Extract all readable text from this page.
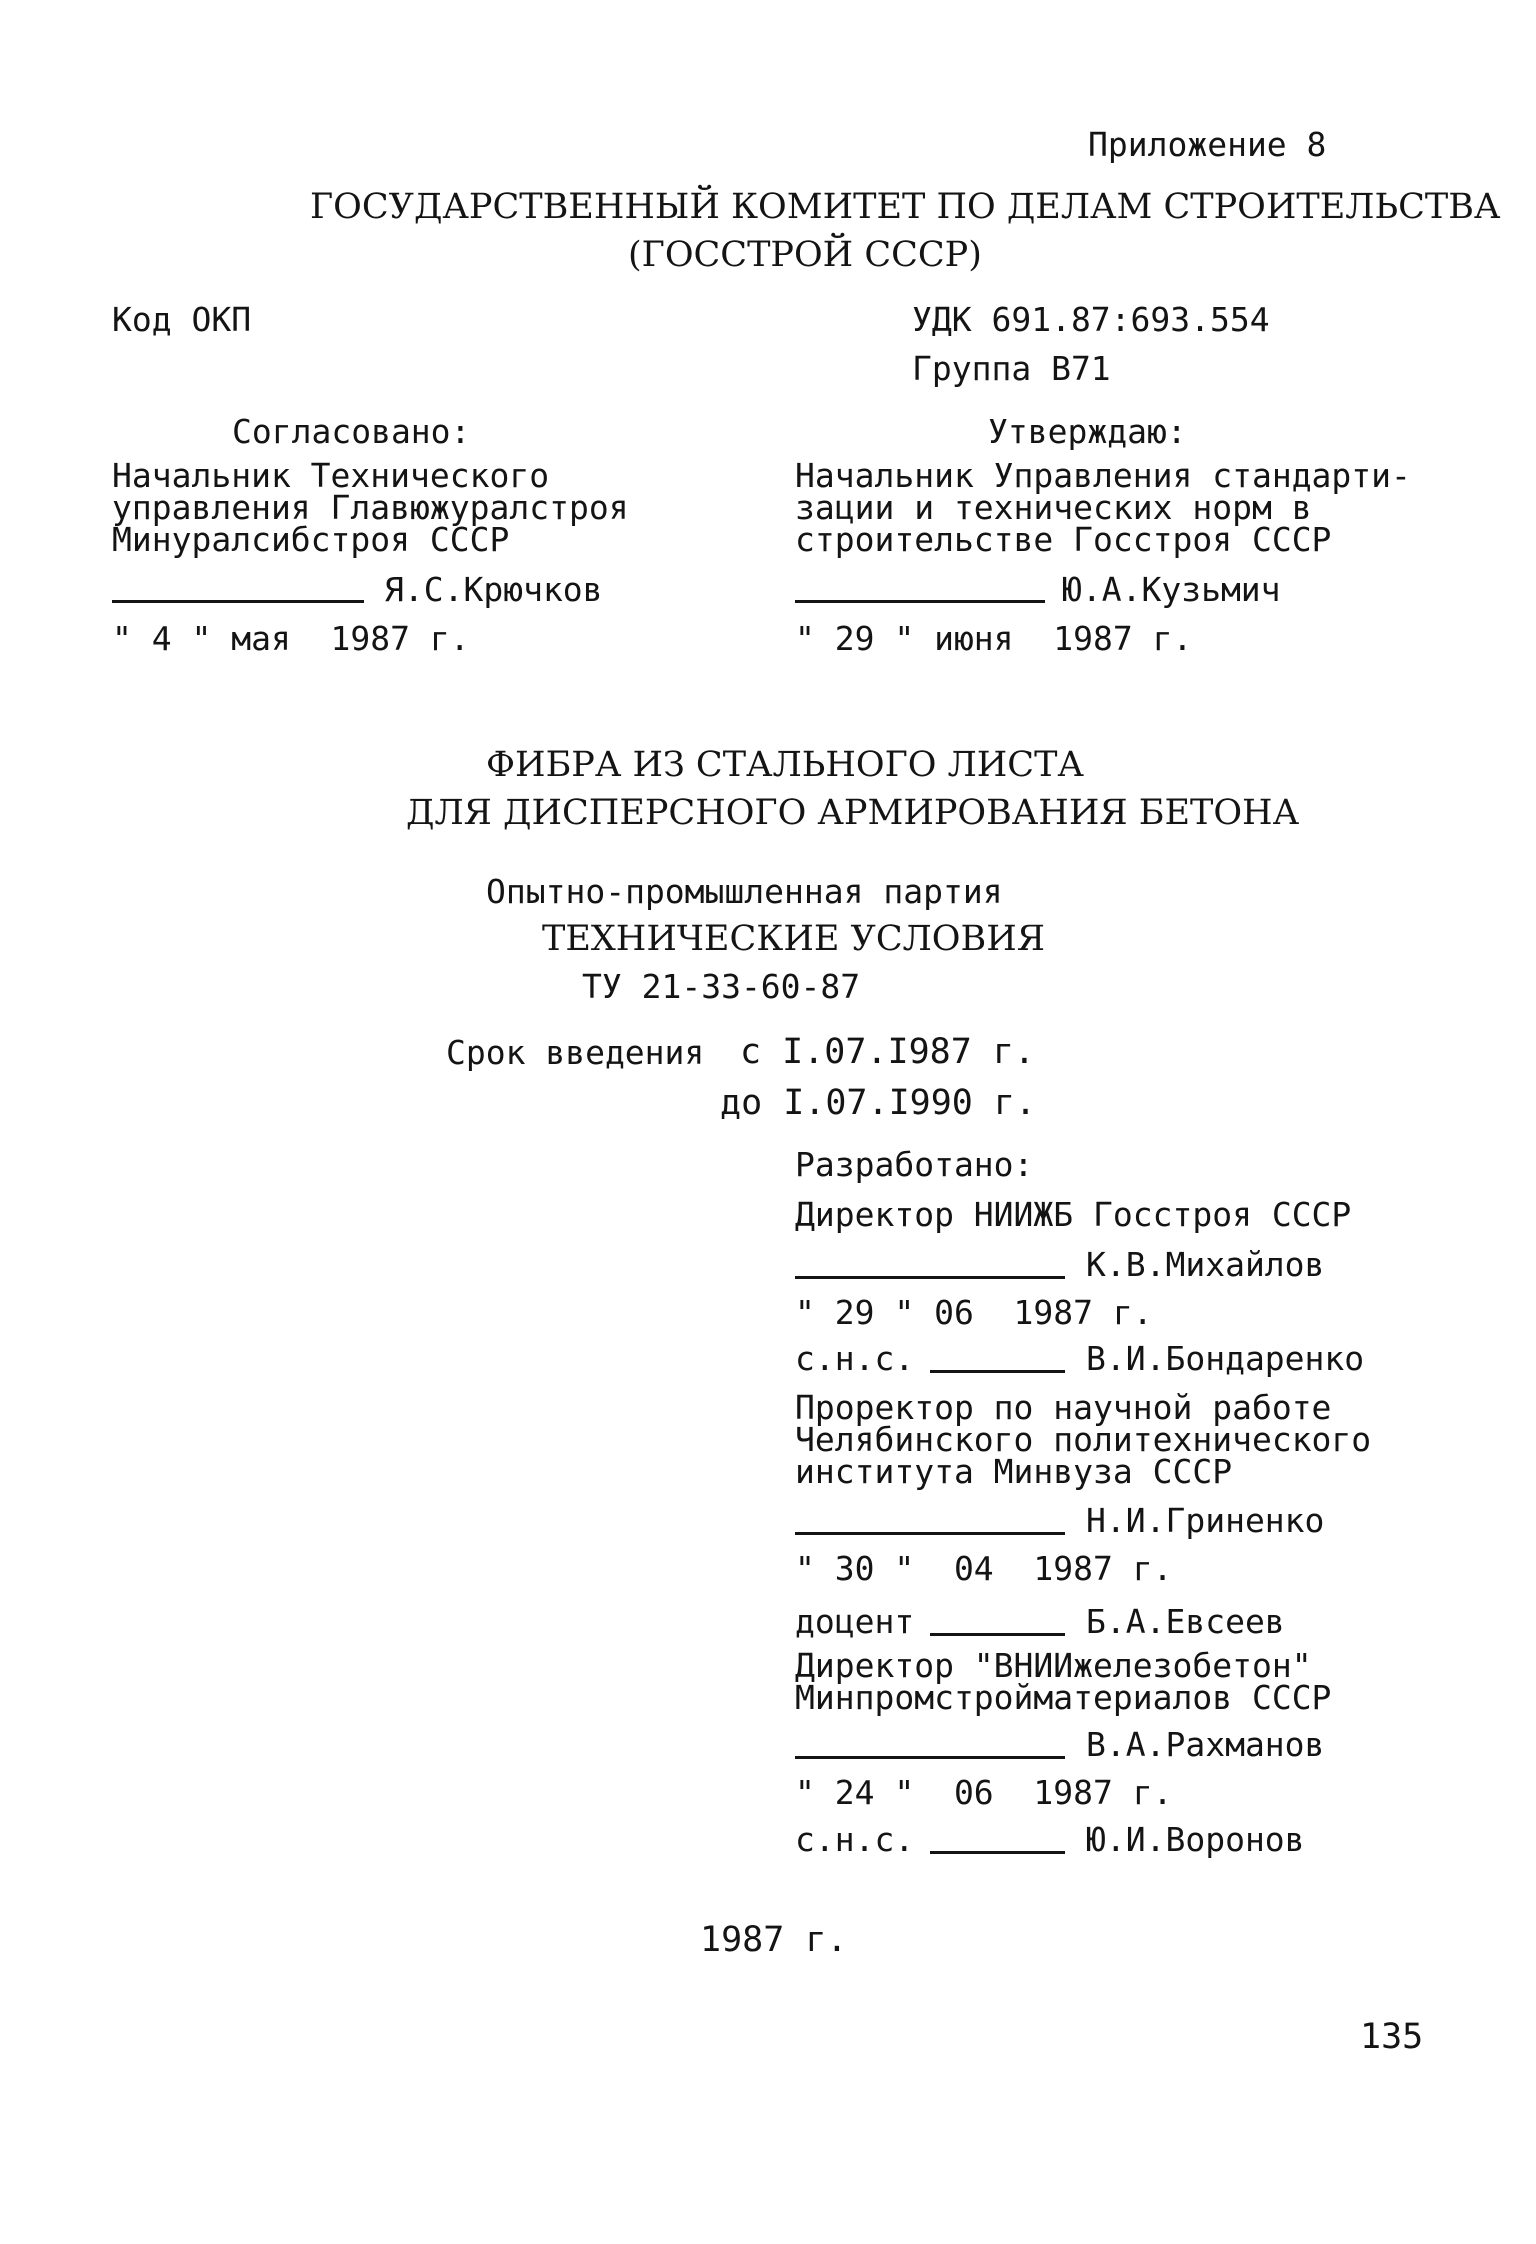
Приложение 8
ГОСУДАРСТВЕННЫЙ КОМИТЕТ ПО ДЕЛАМ СТРОИТЕЛЬСТВА
(ГОССТРОЙ СССР)
Код ОКП	УДК 691.87:693.554
Группа В71
Согласовано:
Начальник Технического
управления Главюжуралстроя
Минуралсибстроя СССР
Я.С.Крючков
" 4 " мая  1987 г.
Утверждаю:
Начальник Управления стандарти-
зации и технических норм в
строительстве Госстроя СССР
Ю.А.Кузьмич
" 29 " июня  1987 г.
ФИБРА ИЗ СТАЛЬНОГО ЛИСТА
ДЛЯ ДИСПЕРСНОГО АРМИРОВАНИЯ БЕТОНА
Опытно-промышленная партия
ТЕХНИЧЕСКИЕ УСЛОВИЯ
ТУ 21-33-60-87
Срок введения с I.07.I987 г.
до I.07.I990 г.
Разработано:
Директор НИИЖБ Госстроя СССР
К.В.Михайлов
" 29 " 06  1987 г.
с.н.с.	В.И.Бондаренко
Проректор по научной работе
Челябинского политехнического
института Минвуза СССР
Н.И.Гриненко
" 30 "  04  1987 г.
доцент	Б.А.Евсеев
Директор "ВНИИжелезобетон"
Минпромстройматериалов СССР
В.А.Рахманов
" 24 "  06  1987 г.
с.н.с.	Ю.И.Воронов
1987 г.
135
